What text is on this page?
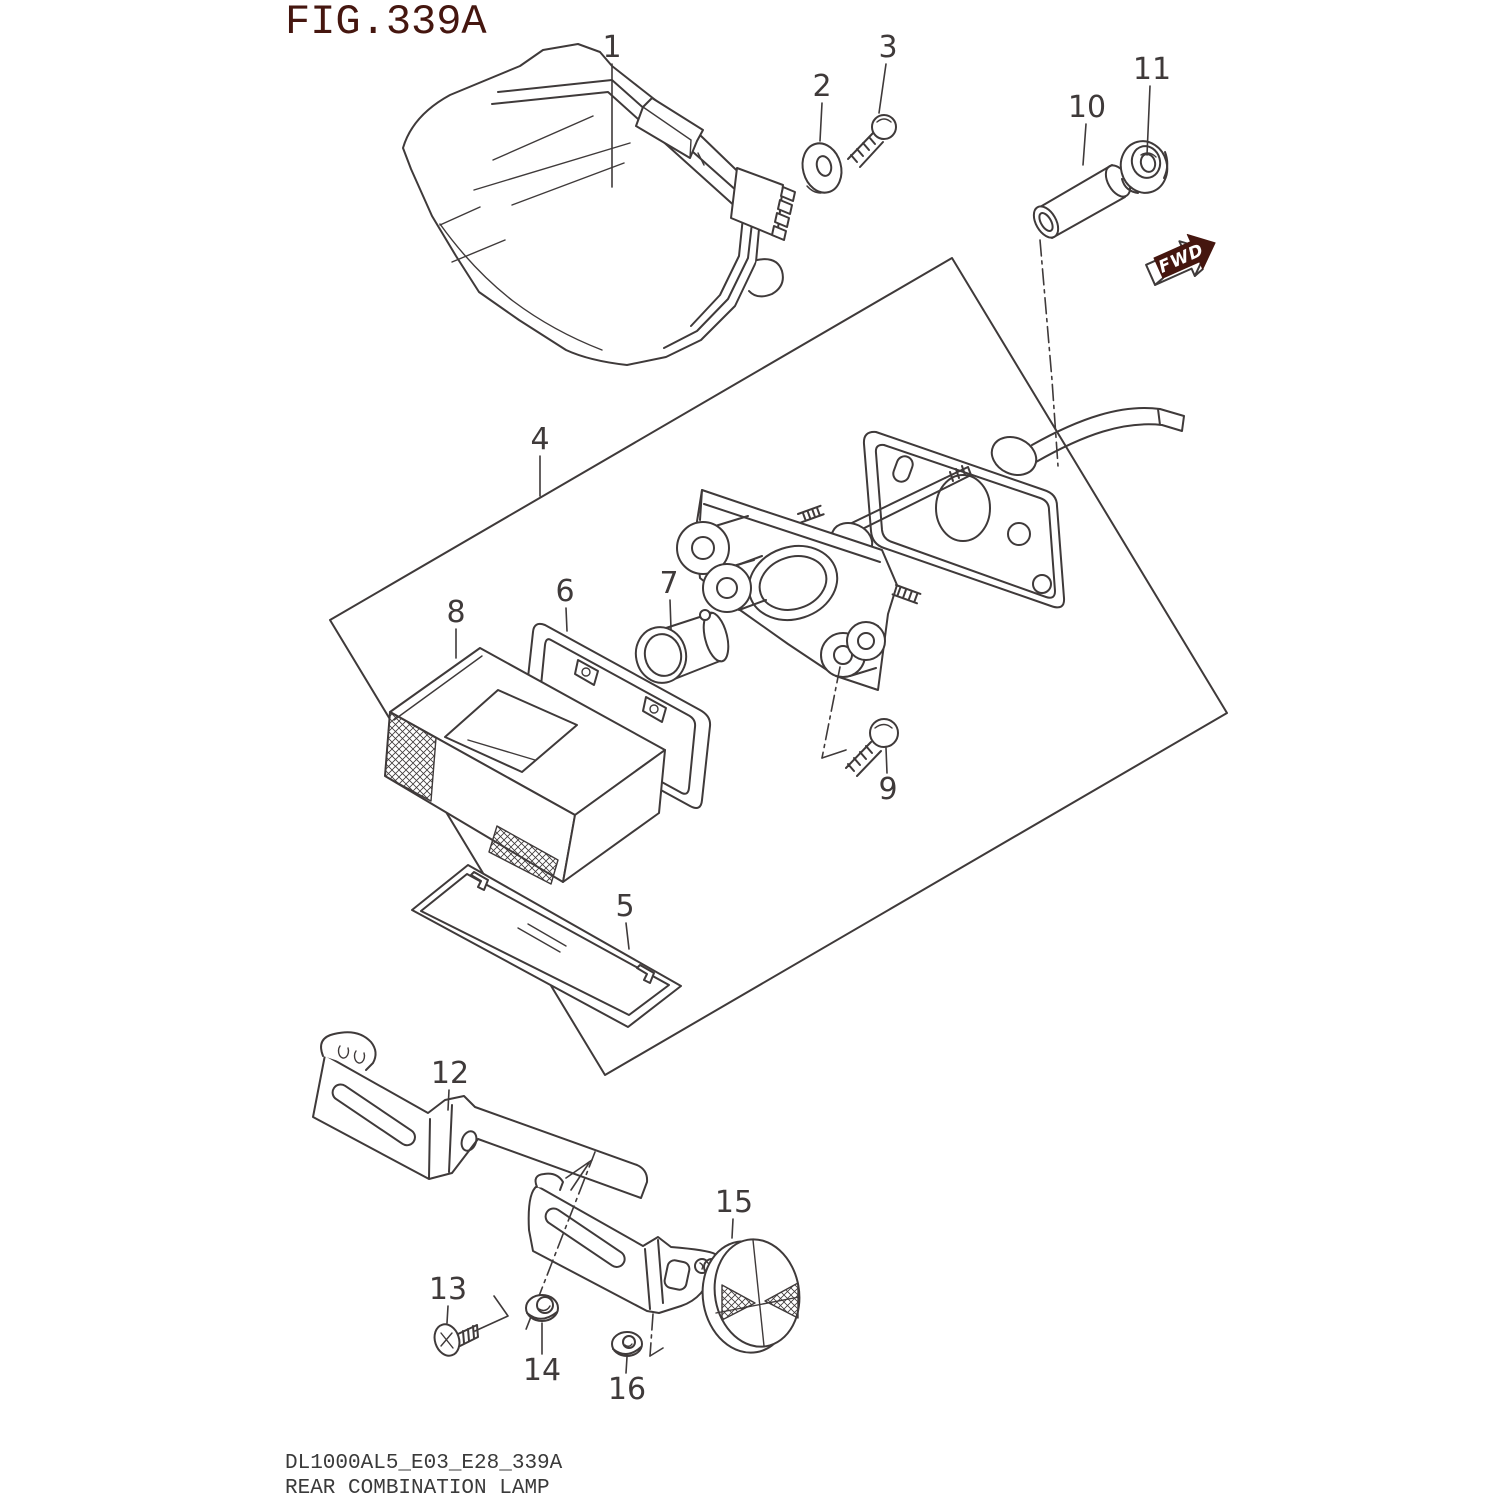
FWD
1
2
3
4
5
6	7
8
9
10
11
12
13
14
15
16
FIG.339A
DL1000AL5_E03_E28_339A
REAR COMBINATION LAMP
